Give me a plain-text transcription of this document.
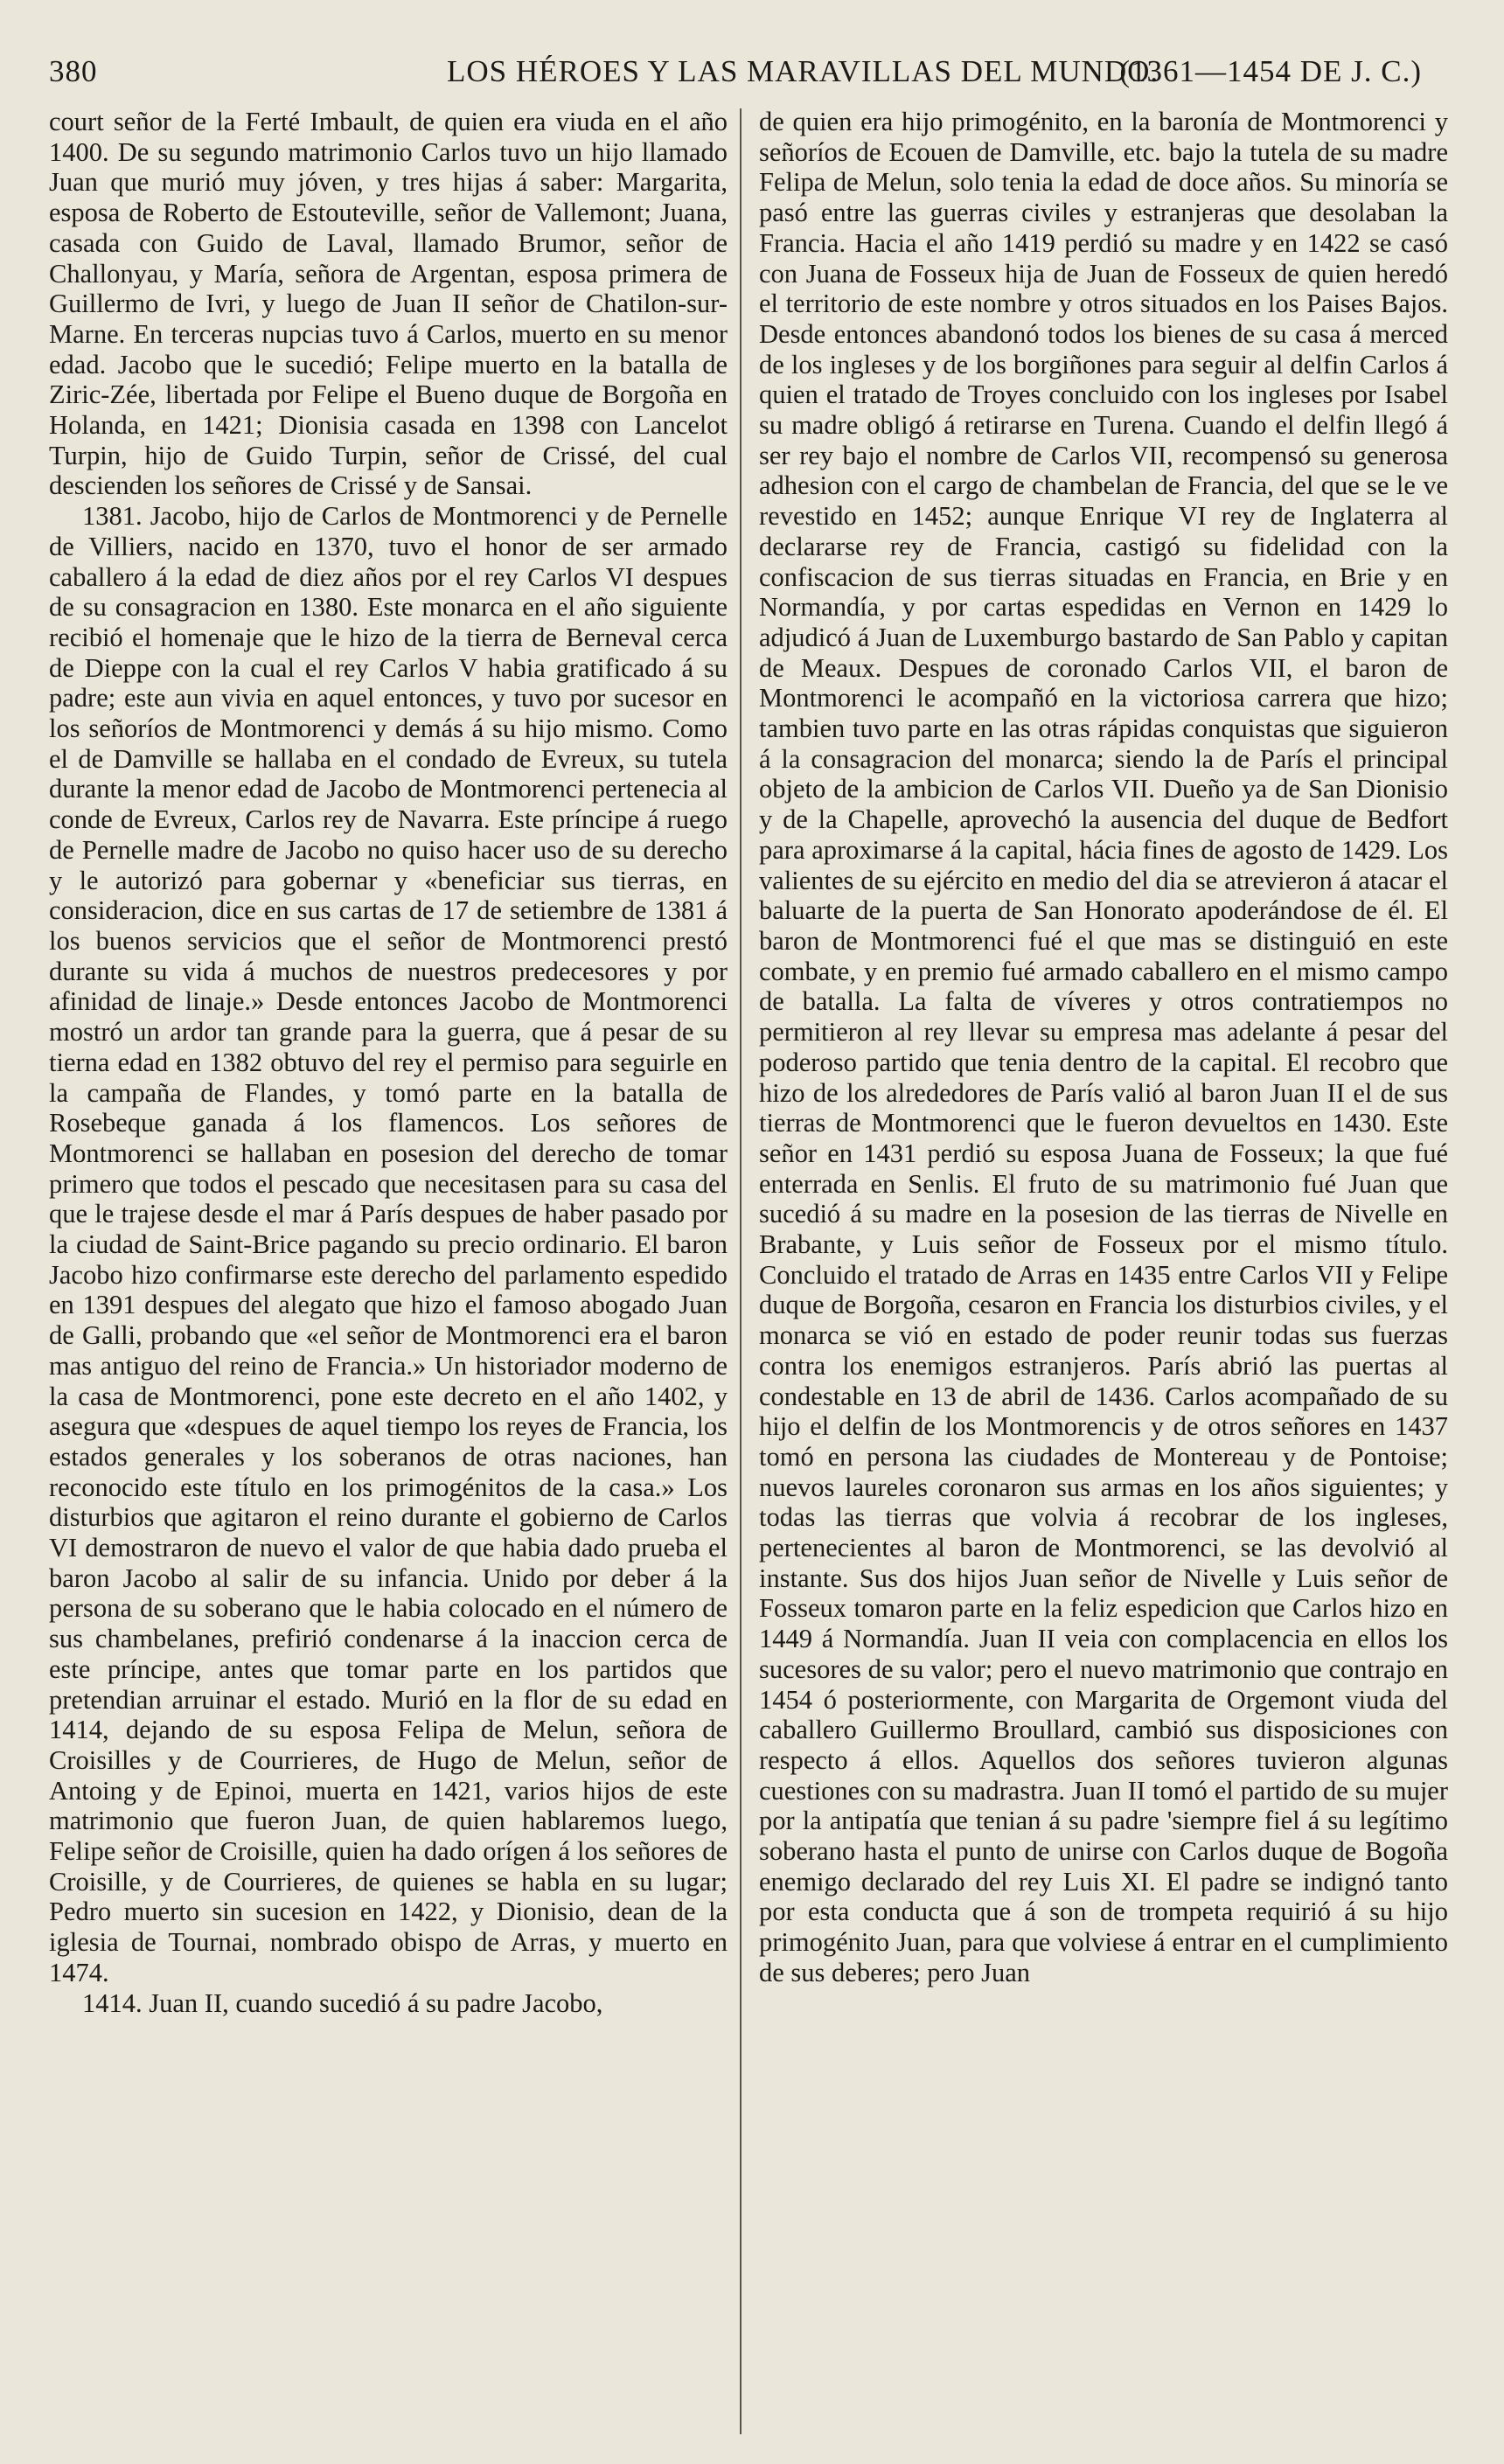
380	LOS HÉROES Y LAS MARAVILLAS DEL MUNDO.
(1361—1454 DE J. C.)

court señor de la Ferté Imbault, de quien era viuda en el año 1400. De su segundo matrimonio Carlos tuvo un hijo llamado Juan que murió muy jóven, y tres hijas á saber: Margarita, esposa de Roberto de Estouteville, señor de Vallemont; Juana, casada con Guido de Laval, llamado Brumor, señor de Challonyau, y María, señora de Argentan, esposa primera de Guillermo de Ivri, y luego de Juan II señor de Chatilon-sur-Marne. En terceras nupcias tuvo á Carlos, muerto en su menor edad. Jacobo que le sucedió; Felipe muerto en la batalla de Ziric-Zée, libertada por Felipe el Bueno duque de Borgoña en Holanda, en 1421; Dionisia casada en 1398 con Lancelot Turpin, hijo de Guido Turpin, señor de Crissé, del cual descienden los señores de Crissé y de Sansai.

1381. Jacobo, hijo de Carlos de Montmorenci y de Pernelle de Villiers, nacido en 1370, tuvo el honor de ser armado caballero á la edad de diez años por el rey Carlos VI despues de su consagracion en 1380. Este monarca en el año siguiente recibió el homenaje que le hizo de la tierra de Berneval cerca de Dieppe con la cual el rey Carlos V habia gratificado á su padre; este aun vivia en aquel entonces, y tuvo por sucesor en los señoríos de Montmorenci y demás á su hijo mismo. Como el de Damville se hallaba en el condado de Evreux, su tutela durante la menor edad de Jacobo de Montmorenci pertenecia al conde de Evreux, Carlos rey de Navarra. Este príncipe á ruego de Pernelle madre de Jacobo no quiso hacer uso de su derecho y le autorizó para gobernar y «beneficiar sus tierras, en consideracion, dice en sus cartas de 17 de setiembre de 1381 á los buenos servicios que el señor de Montmorenci prestó durante su vida á muchos de nuestros predecesores y por afinidad de linaje.» Desde entonces Jacobo de Montmorenci mostró un ardor tan grande para la guerra, que á pesar de su tierna edad en 1382 obtuvo del rey el permiso para seguirle en la campaña de Flandes, y tomó parte en la batalla de Rosebeque ganada á los flamencos. Los señores de Montmorenci se hallaban en posesion del derecho de tomar primero que todos el pescado que necesitasen para su casa del que le trajese desde el mar á París despues de haber pasado por la ciudad de Saint-Brice pagando su precio ordinario. El baron Jacobo hizo confirmarse este derecho del parlamento espedido en 1391 despues del alegato que hizo el famoso abogado Juan de Galli, probando que «el señor de Montmorenci era el baron mas antiguo del reino de Francia.» Un historiador moderno de la casa de Montmorenci, pone este decreto en el año 1402, y asegura que «despues de aquel tiempo los reyes de Francia, los estados generales y los soberanos de otras naciones, han reconocido este título en los primogénitos de la casa.» Los disturbios que agitaron el reino durante el gobierno de Carlos VI demostraron de nuevo el valor de que habia dado prueba el baron Jacobo al salir de su infancia. Unido por deber á la persona de su soberano que le habia colocado en el número de sus chambelanes, prefirió condenarse á la inaccion cerca de este príncipe, antes que tomar parte en los partidos que pretendian arruinar el estado. Murió en la flor de su edad en 1414, dejando de su esposa Felipa de Melun, señora de Croisilles y de Courrieres, de Hugo de Melun, señor de Antoing y de Epinoi, muerta en 1421, varios hijos de este matrimonio que fueron Juan, de quien hablaremos luego, Felipe señor de Croisille, quien ha dado orígen á los señores de Croisille, y de Courrieres, de quienes se habla en su lugar; Pedro muerto sin sucesion en 1422, y Dionisio, dean de la iglesia de Tournai, nombrado obispo de Arras, y muerto en 1474.

1414. Juan II, cuando sucedió á su padre Jacobo,

de quien era hijo primogénito, en la baronía de Montmorenci y señoríos de Ecouen de Damville, etc. bajo la tutela de su madre Felipa de Melun, solo tenia la edad de doce años. Su minoría se pasó entre las guerras civiles y estranjeras que desolaban la Francia. Hacia el año 1419 perdió su madre y en 1422 se casó con Juana de Fosseux hija de Juan de Fosseux de quien heredó el territorio de este nombre y otros situados en los Paises Bajos. Desde entonces abandonó todos los bienes de su casa á merced de los ingleses y de los borgiñones para seguir al delfin Carlos á quien el tratado de Troyes concluido con los ingleses por Isabel su madre obligó á retirarse en Turena. Cuando el delfin llegó á ser rey bajo el nombre de Carlos VII, recompensó su generosa adhesion con el cargo de chambelan de Francia, del que se le ve revestido en 1452; aunque Enrique VI rey de Inglaterra al declararse rey de Francia, castigó su fidelidad con la confiscacion de sus tierras situadas en Francia, en Brie y en Normandía, y por cartas espedidas en Vernon en 1429 lo adjudicó á Juan de Luxemburgo bastardo de San Pablo y capitan de Meaux. Despues de coronado Carlos VII, el baron de Montmorenci le acompañó en la victoriosa carrera que hizo; tambien tuvo parte en las otras rápidas conquistas que siguieron á la consagracion del monarca; siendo la de París el principal objeto de la ambicion de Carlos VII. Dueño ya de San Dionisio y de la Chapelle, aprovechó la ausencia del duque de Bedfort para aproximarse á la capital, hácia fines de agosto de 1429. Los valientes de su ejército en medio del dia se atrevieron á atacar el baluarte de la puerta de San Honorato apoderándose de él. El baron de Montmorenci fué el que mas se distinguió en este combate, y en premio fué armado caballero en el mismo campo de batalla. La falta de víveres y otros contratiempos no permitieron al rey llevar su empresa mas adelante á pesar del poderoso partido que tenia dentro de la capital. El recobro que hizo de los alrededores de París valió al baron Juan II el de sus tierras de Montmorenci que le fueron devueltos en 1430. Este señor en 1431 perdió su esposa Juana de Fosseux; la que fué enterrada en Senlis. El fruto de su matrimonio fué Juan que sucedió á su madre en la posesion de las tierras de Nivelle en Brabante, y Luis señor de Fosseux por el mismo título. Concluido el tratado de Arras en 1435 entre Carlos VII y Felipe duque de Borgoña, cesaron en Francia los disturbios civiles, y el monarca se vió en estado de poder reunir todas sus fuerzas contra los enemigos estranjeros. París abrió las puertas al condestable en 13 de abril de 1436. Carlos acompañado de su hijo el delfin de los Montmorencis y de otros señores en 1437 tomó en persona las ciudades de Montereau y de Pontoise; nuevos laureles coronaron sus armas en los años siguientes; y todas las tierras que volvia á recobrar de los ingleses, pertenecientes al baron de Montmorenci, se las devolvió al instante. Sus dos hijos Juan señor de Nivelle y Luis señor de Fosseux tomaron parte en la feliz espedicion que Carlos hizo en 1449 á Normandía. Juan II veia con complacencia en ellos los sucesores de su valor; pero el nuevo matrimonio que contrajo en 1454 ó posteriormente, con Margarita de Orgemont viuda del caballero Guillermo Broullard, cambió sus disposiciones con respecto á ellos. Aquellos dos señores tuvieron algunas cuestiones con su madrastra. Juan II tomó el partido de su mujer por la antipatía que tenian á su padre 'siempre fiel á su legítimo soberano hasta el punto de unirse con Carlos duque de Bogoña enemigo declarado del rey Luis XI. El padre se indignó tanto por esta conducta que á son de trompeta requirió á su hijo primogénito Juan, para que volviese á entrar en el cumplimiento de sus deberes; pero Juan
